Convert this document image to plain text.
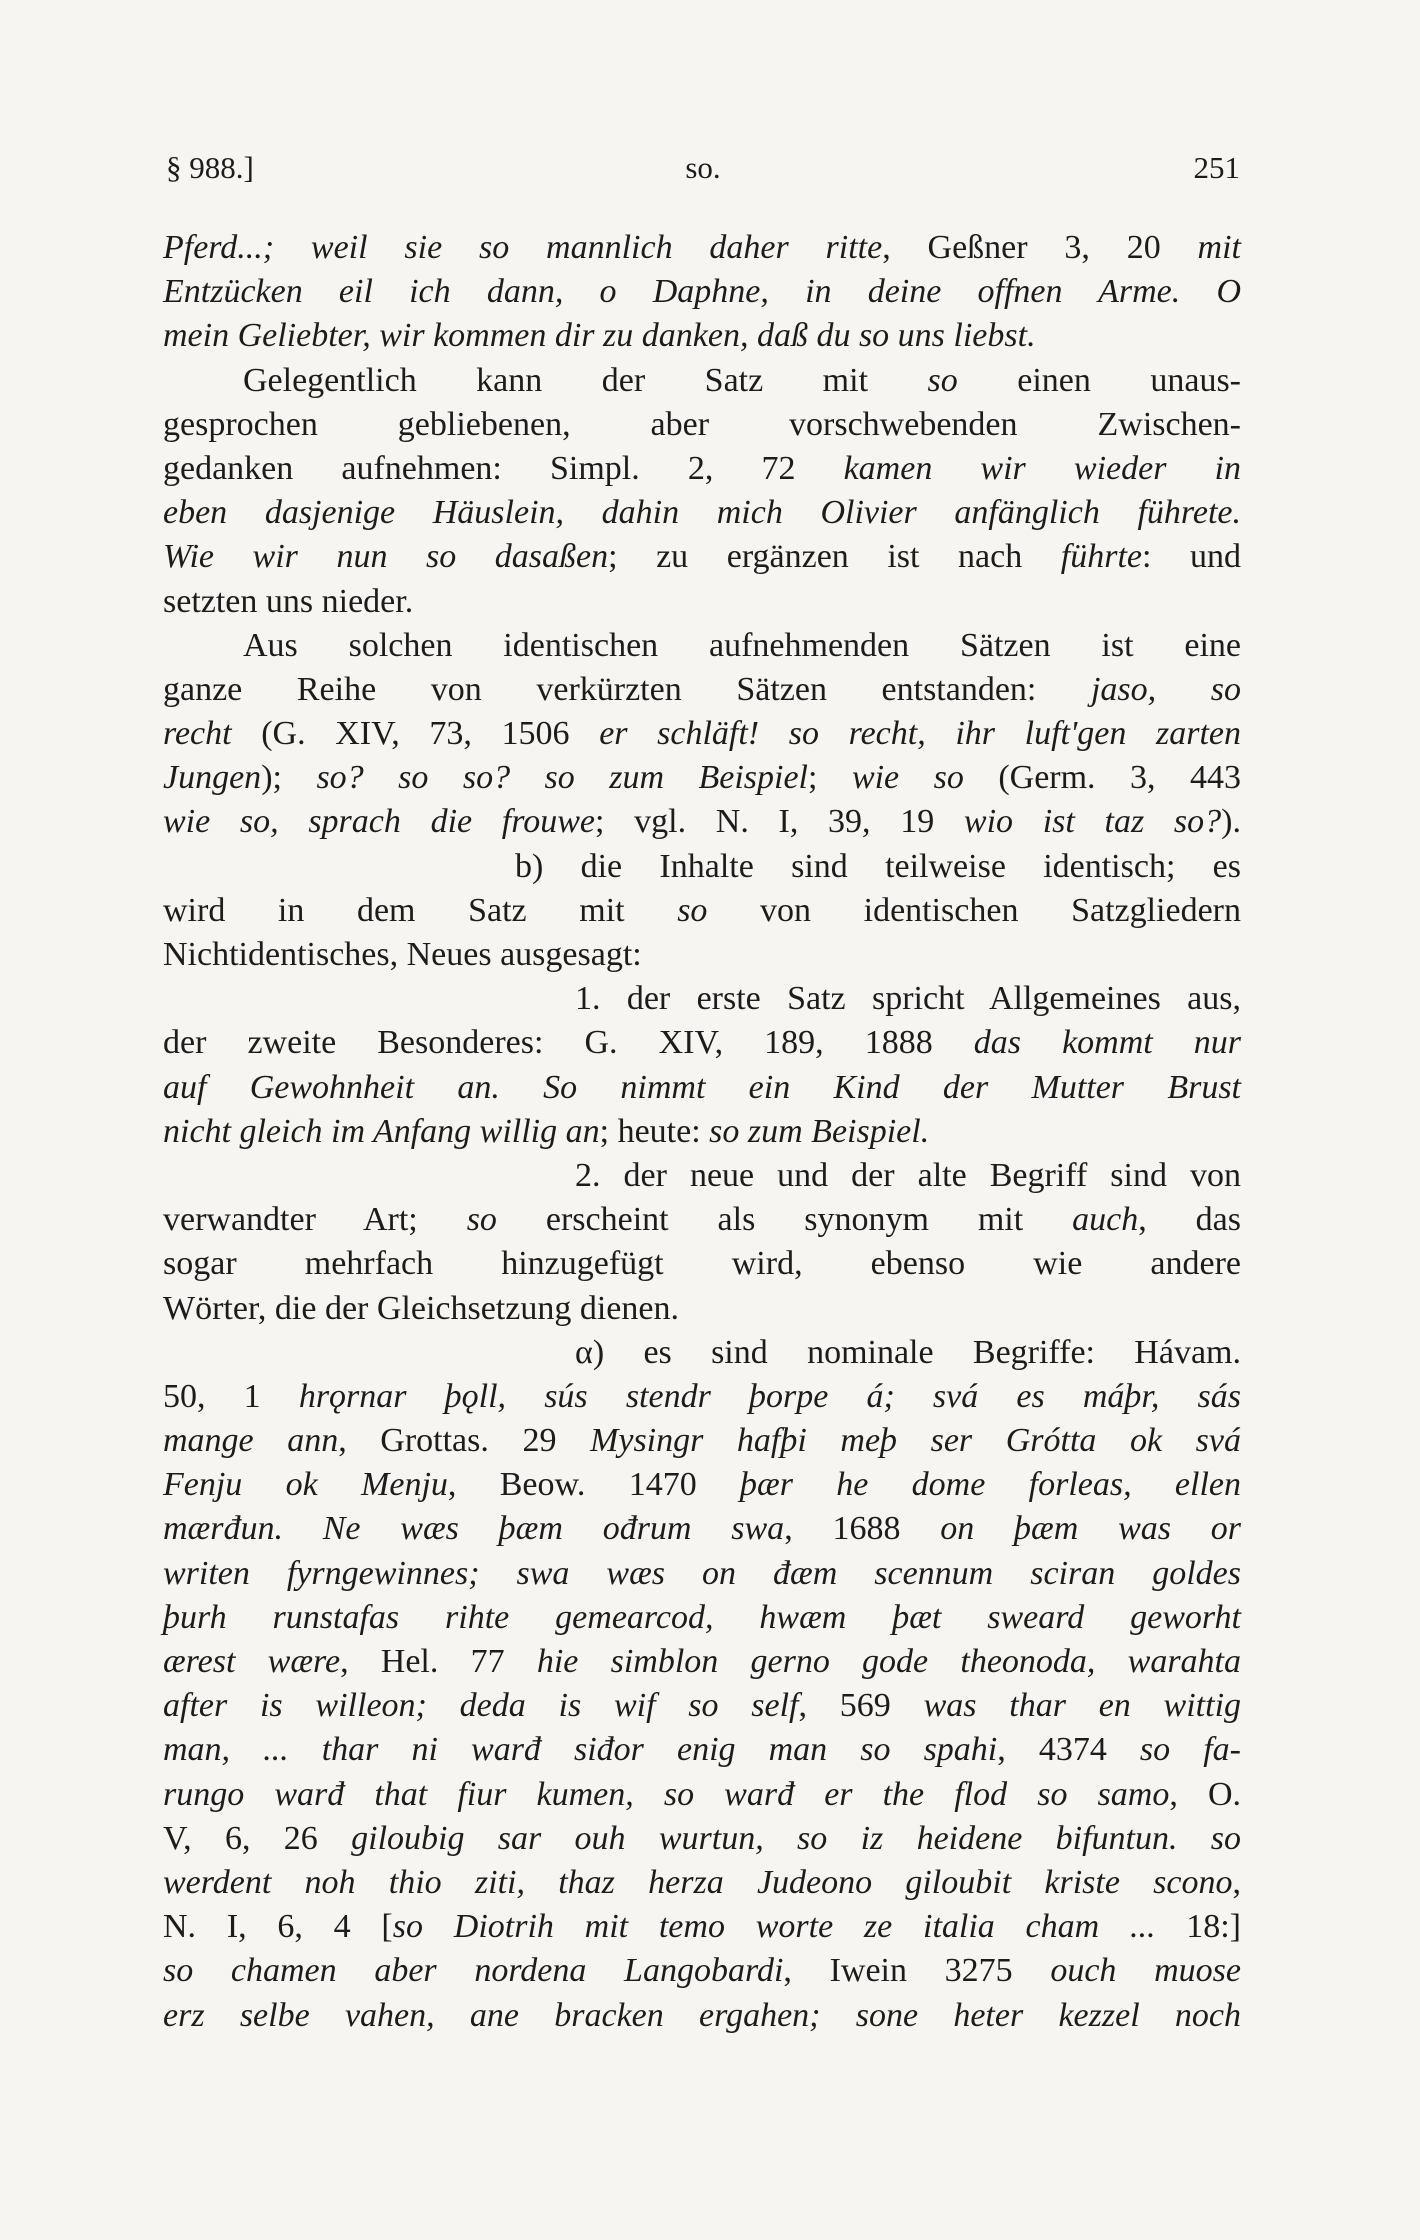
§ 988.]	so.	251
Pferd...; weil sie so mannlich daher ritte, Geßner 3, 20 mit
Entzücken eil ich dann, o Daphne, in deine offnen Arme. O
mein Geliebter, wir kommen dir zu danken, daß du so uns liebst.
Gelegentlich kann der Satz mit so einen unaus-
gesprochen gebliebenen, aber vorschwebenden Zwischen-
gedanken aufnehmen: Simpl. 2, 72 kamen wir wieder in
eben dasjenige Häuslein, dahin mich Olivier anfänglich führete.
Wie wir nun so dasaßen; zu ergänzen ist nach führte: und
setzten uns nieder.
Aus solchen identischen aufnehmenden Sätzen ist eine
ganze Reihe von verkürzten Sätzen entstanden: jaso, so
recht (G. XIV, 73, 1506 er schläft! so recht, ihr luft'gen zarten
Jungen); so? so so? so zum Beispiel; wie so (Germ. 3, 443
wie so, sprach die frouwe; vgl. N. I, 39, 19 wio ist taz so?).
b) die Inhalte sind teilweise identisch; es
wird in dem Satz mit so von identischen Satzgliedern
Nichtidentisches, Neues ausgesagt:
1. der erste Satz spricht Allgemeines aus,
der zweite Besonderes: G. XIV, 189, 1888 das kommt nur
auf Gewohnheit an. So nimmt ein Kind der Mutter Brust
nicht gleich im Anfang willig an; heute: so zum Beispiel.
2. der neue und der alte Begriff sind von
verwandter Art; so erscheint als synonym mit auch, das
sogar mehrfach hinzugefügt wird, ebenso wie andere
Wörter, die der Gleichsetzung dienen.
α) es sind nominale Begriffe: Hávam.
50, 1 hrǫrnar þǫll, sús stendr þorpe á; svá es máþr, sás
mange ann, Grottas. 29 Mysingr hafþi meþ ser Grótta ok svá
Fenju ok Menju, Beow. 1470 þær he dome forleas, ellen
mærđun. Ne wæs þæm ođrum swa, 1688 on þæm was or
writen fyrngewinnes; swa wæs on đæm scennum sciran goldes
þurh runstafas rihte gemearcod, hwæm þæt sweard geworht
ærest wære, Hel. 77 hie simblon gerno gode theonoda, warahta
after is willeon; deda is wif so self, 569 was thar en wittig
man, ... thar ni warđ siđor enig man so spahi, 4374 so fa-
rungo warđ that fiur kumen, so warđ er the flod so samo, O.
V, 6, 26 giloubig sar ouh wurtun, so iz heidene bifuntun. so
werdent noh thio ziti, thaz herza Judeono giloubit kriste scono,
N. I, 6, 4 [so Diotrih mit temo worte ze italia cham ... 18:]
so chamen aber nordena Langobardi, Iwein 3275 ouch muose
erz selbe vahen, ane bracken ergahen; sone heter kezzel noch
